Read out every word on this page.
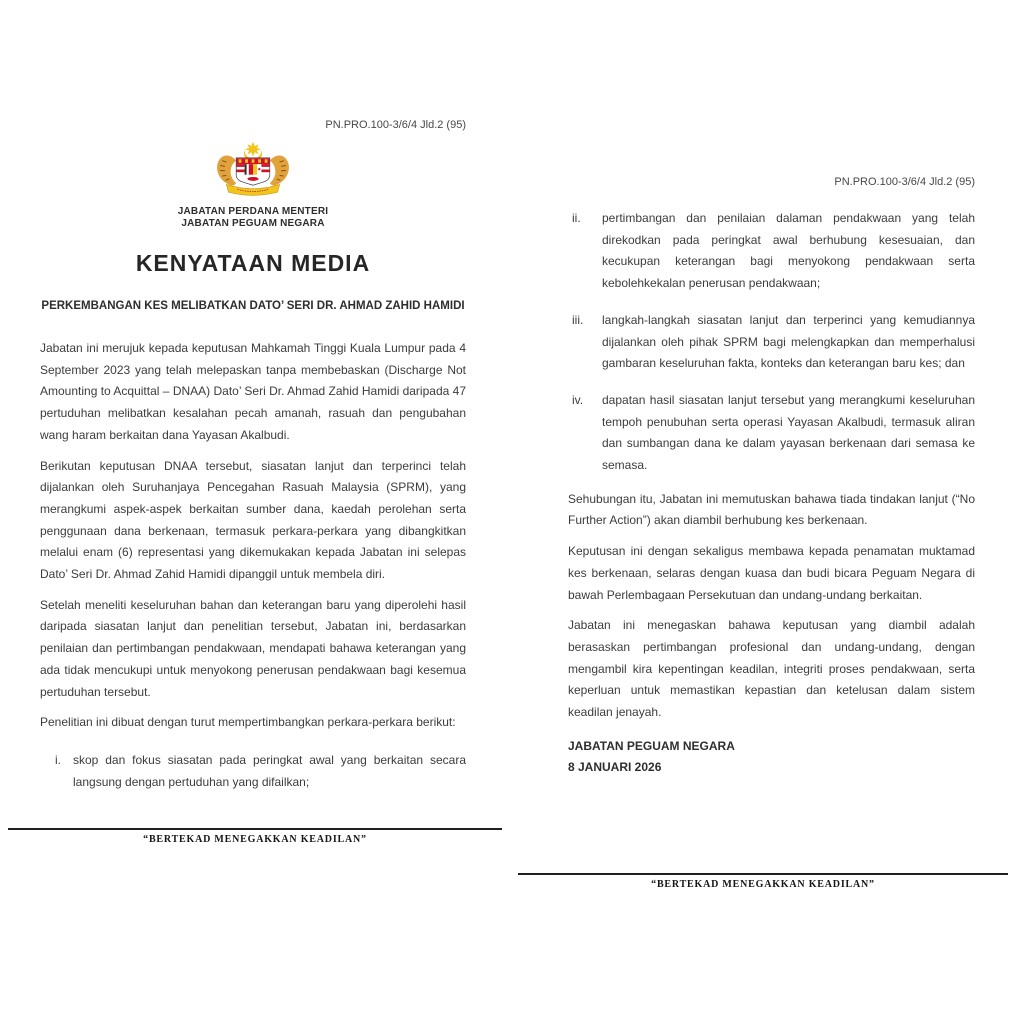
PN.PRO.100-3/6/4 Jld.2 (95)
JABATAN PERDANA MENTERI
JABATAN PEGUAM NEGARA
KENYATAAN MEDIA
PERKEMBANGAN KES MELIBATKAN DATO’ SERI DR. AHMAD ZAHID HAMIDI

Jabatan ini merujuk kepada keputusan Mahkamah Tinggi Kuala Lumpur pada 4 September 2023 yang telah melepaskan tanpa membebaskan (Discharge Not Amounting to Acquittal – DNAA) Dato’ Seri Dr. Ahmad Zahid Hamidi daripada 47 pertuduhan melibatkan kesalahan pecah amanah, rasuah dan pengubahan wang haram berkaitan dana Yayasan Akalbudi.

Berikutan keputusan DNAA tersebut, siasatan lanjut dan terperinci telah dijalankan oleh Suruhanjaya Pencegahan Rasuah Malaysia (SPRM), yang merangkumi aspek-aspek berkaitan sumber dana, kaedah perolehan serta penggunaan dana berkenaan, termasuk perkara-perkara yang dibangkitkan melalui enam (6) representasi yang dikemukakan kepada Jabatan ini selepas Dato’ Seri Dr. Ahmad Zahid Hamidi dipanggil untuk membela diri.

Setelah meneliti keseluruhan bahan dan keterangan baru yang diperolehi hasil daripada siasatan lanjut dan penelitian tersebut, Jabatan ini, berdasarkan penilaian dan pertimbangan pendakwaan, mendapati bahawa keterangan yang ada tidak mencukupi untuk menyokong penerusan pendakwaan bagi kesemua pertuduhan tersebut.

Penelitian ini dibuat dengan turut mempertimbangkan perkara-perkara berikut:

i.	skop dan fokus siasatan pada peringkat awal yang berkaitan secara langsung dengan pertuduhan yang difailkan;
“BERTEKAD MENEGAKKAN KEADILAN”
PN.PRO.100-3/6/4 Jld.2 (95)
ii.	pertimbangan dan penilaian dalaman pendakwaan yang telah direkodkan pada peringkat awal berhubung kesesuaian, dan kecukupan keterangan bagi menyokong pendakwaan serta kebolehkekalan penerusan pendakwaan;
iii.	langkah-langkah siasatan lanjut dan terperinci yang kemudiannya dijalankan oleh pihak SPRM bagi melengkapkan dan memperhalusi gambaran keseluruhan fakta, konteks dan keterangan baru kes; dan
iv.	dapatan hasil siasatan lanjut tersebut yang merangkumi keseluruhan tempoh penubuhan serta operasi Yayasan Akalbudi, termasuk aliran dan sumbangan dana ke dalam yayasan berkenaan dari semasa ke semasa.

Sehubungan itu, Jabatan ini memutuskan bahawa tiada tindakan lanjut (“No Further Action”) akan diambil berhubung kes berkenaan.

Keputusan ini dengan sekaligus membawa kepada penamatan muktamad kes berkenaan, selaras dengan kuasa dan budi bicara Peguam Negara di bawah Perlembagaan Persekutuan dan undang-undang berkaitan.

Jabatan ini menegaskan bahawa keputusan yang diambil adalah berasaskan pertimbangan profesional dan undang-undang, dengan mengambil kira kepentingan keadilan, integriti proses pendakwaan, serta keperluan untuk memastikan kepastian dan ketelusan dalam sistem keadilan jenayah.

JABATAN PEGUAM NEGARA
8 JANUARI 2026
“BERTEKAD MENEGAKKAN KEADILAN”
